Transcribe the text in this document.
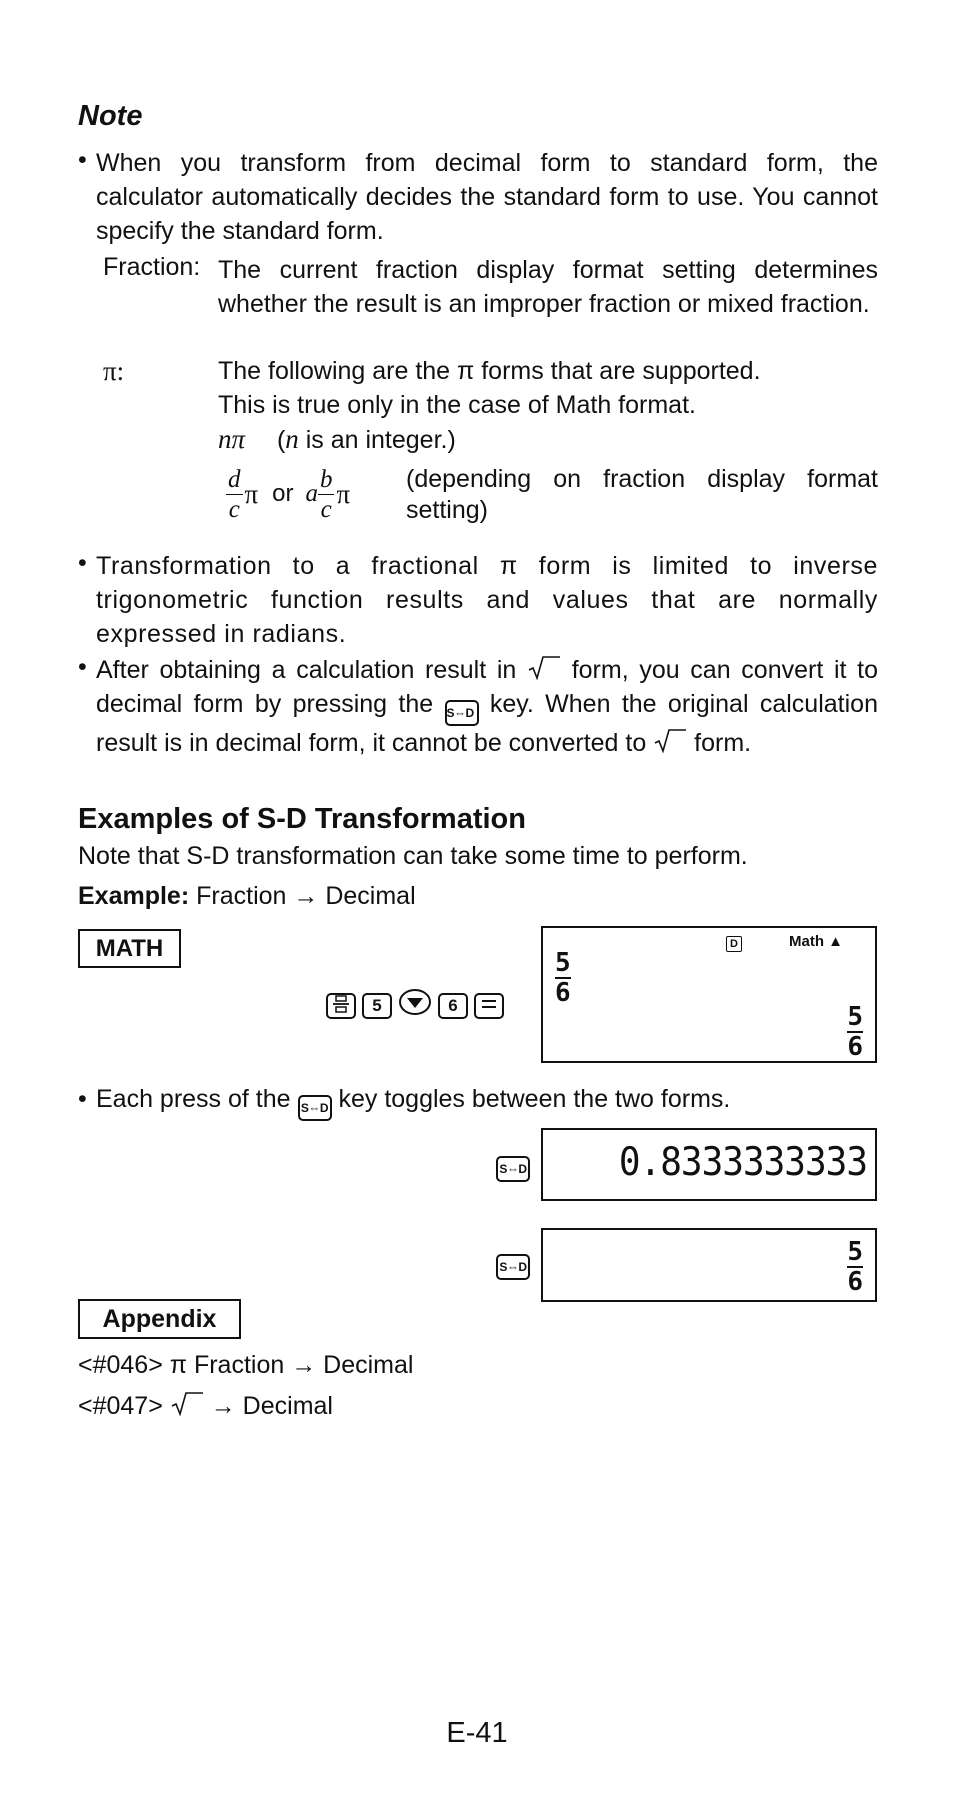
Note
• When you transform from decimal form to standard form, the calculator automatically decides the standard form to use. You cannot specify the standard form.
Fraction: The current fraction display format setting determines whether the result is an improper fraction or mixed fraction.
π:	The following are the π forms that are supported.
This is true only in the case of Math format.
nπ (n is an integer.)
$\frac{d}{c}$ π or a $\frac{b}{c}$ π (depending on fraction display format setting)
• Transformation to a fractional π form is limited to inverse trigonometric function results and values that are normally expressed in radians.
• After obtaining a calculation result in form, you can convert it to decimal form by pressing the S⇔D key. When the original calculation result is in decimal form, it cannot be converted to form.
Examples of S-D Transformation
Note that S-D transformation can take some time to perform.
Example: Fraction → Decimal
MATH
5	6
D	Math ▲
$\frac{5}{6}$
$\frac{5}{6}$
• Each press of the S⇔D key toggles between the two forms.
S⇔D	0.8333333333
S⇔D	$\frac{5}{6}$
Appendix
<#046> π Fraction → Decimal
<#047> → Decimal
E-41
